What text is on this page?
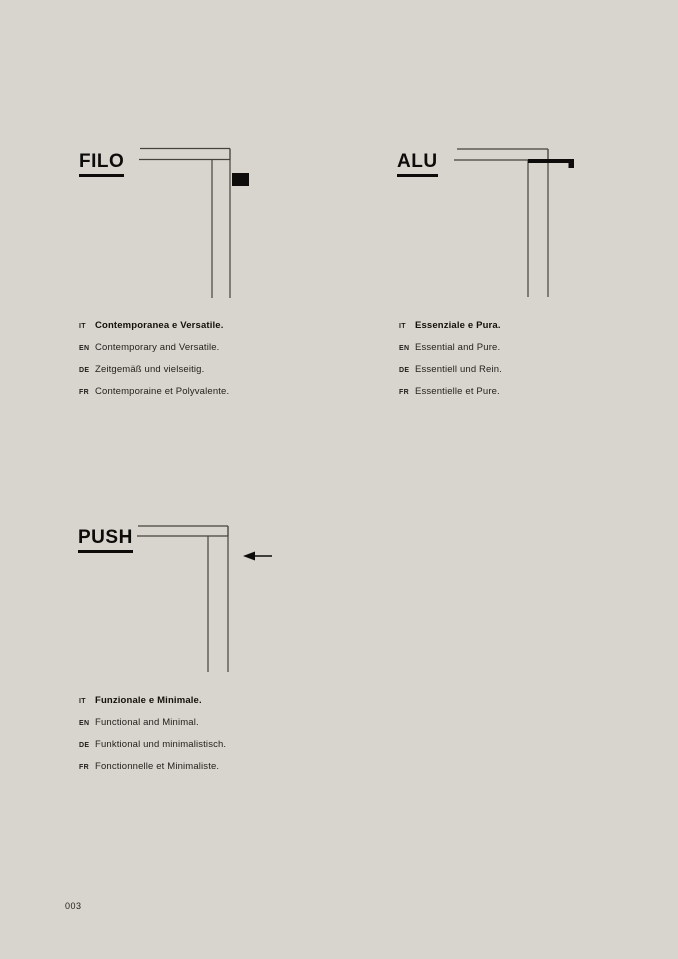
FILO
IT Contemporanea e Versatile.
EN Contemporary and Versatile.
DE Zeitgemäß und vielseitig.
FR Contemporaine et Polyvalente.
ALU
IT Essenziale e Pura.
EN Essential and Pure.
DE Essentiell und Rein.
FR Essentielle et Pure.
PUSH
IT Funzionale e Minimale.
EN Functional and Minimal.
DE Funktional und minimalistisch.
FR Fonctionnelle et Minimaliste.
003
